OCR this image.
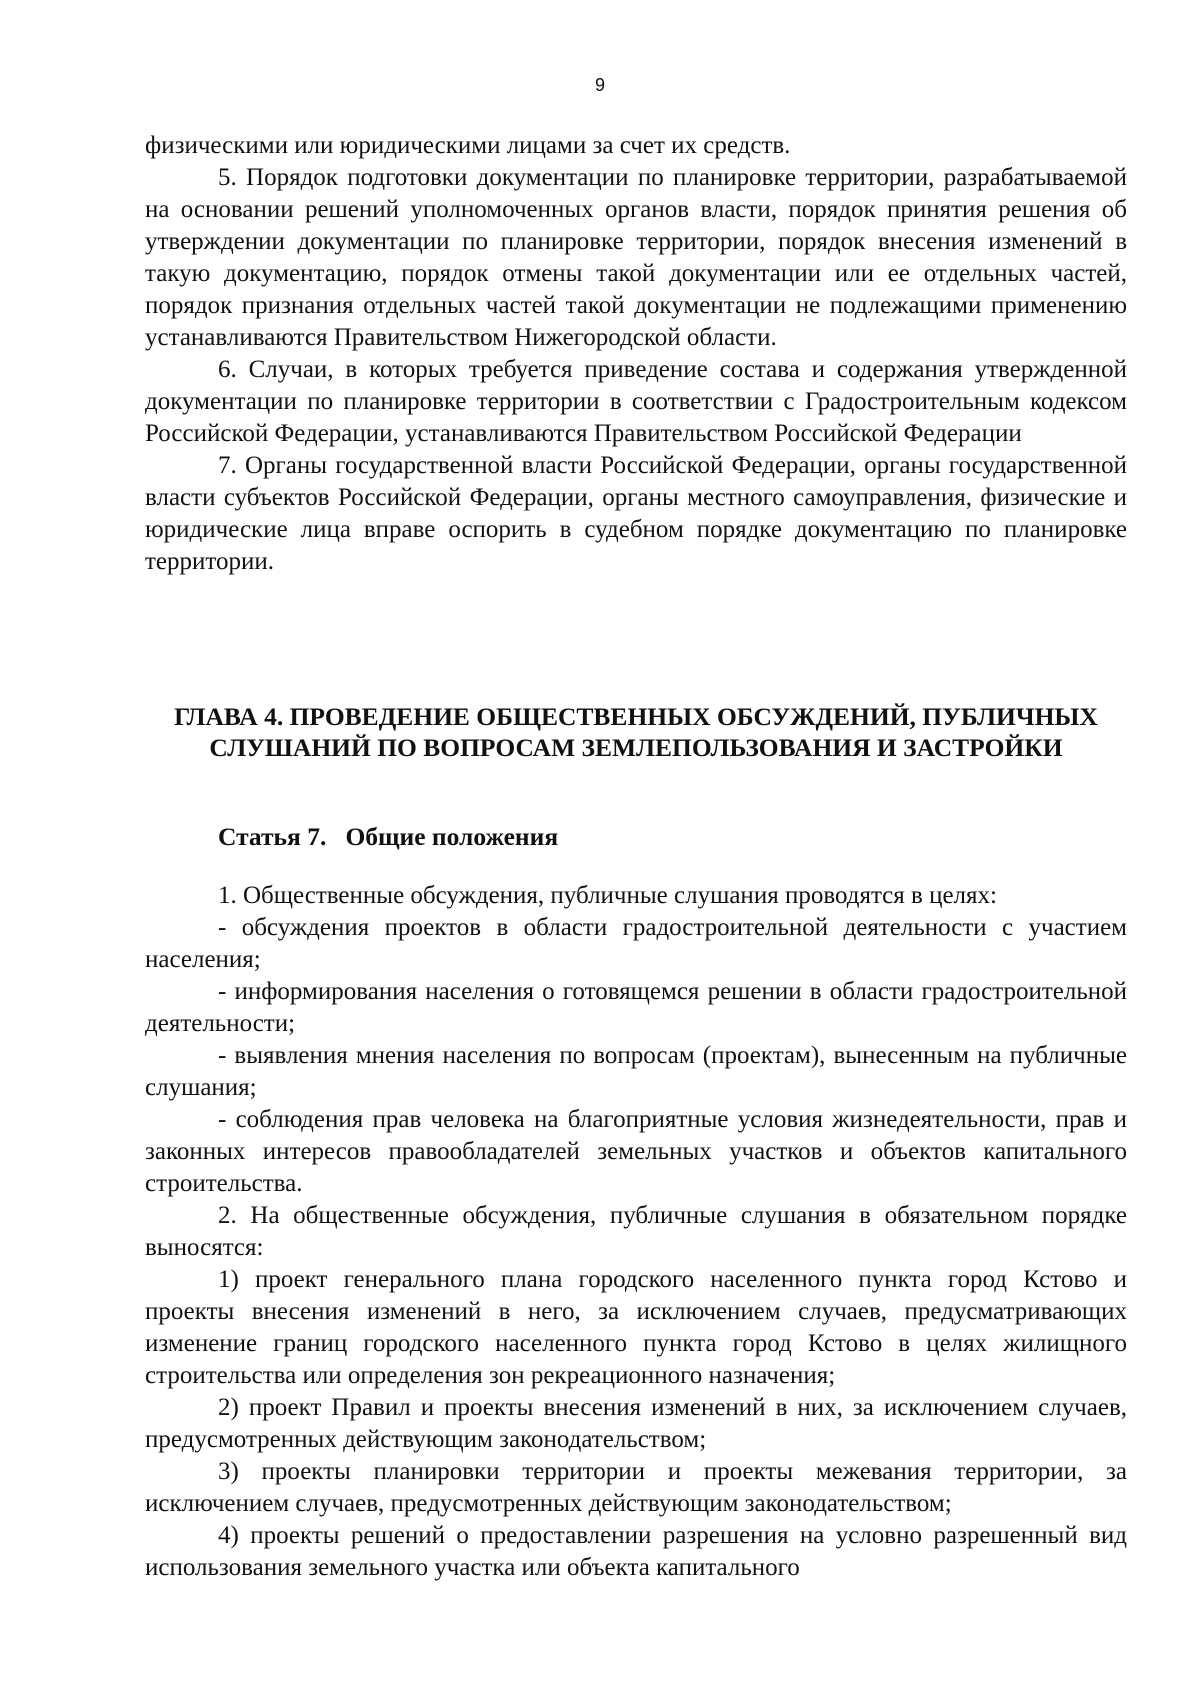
9

физическими или юридическими лицами за счет их средств.

5. Порядок подготовки документации по планировке территории, разрабатываемой на основании решений уполномоченных органов власти, порядок принятия решения об утверждении документации по планировке территории, порядок внесения изменений в такую документацию, порядок отмены такой документации или ее отдельных частей, порядок признания отдельных частей такой документации не подлежащими применению устанавливаются Правительством Нижегородской области.

6. Случаи, в которых требуется приведение состава и содержания утвержденной документации по планировке территории в соответствии с Градостроительным кодексом Российской Федерации, устанавливаются Правительством Российской Федерации

7. Органы государственной власти Российской Федерации, органы государственной власти субъектов Российской Федерации, органы местного самоуправления, физические и юридические лица вправе оспорить в судебном порядке документацию по планировке территории.

ГЛАВА 4. ПРОВЕДЕНИЕ ОБЩЕСТВЕННЫХ ОБСУЖДЕНИЙ, ПУБЛИЧНЫХ СЛУШАНИЙ ПО ВОПРОСАМ ЗЕМЛЕПОЛЬЗОВАНИЯ И ЗАСТРОЙКИ
Статья 7.   Общие положения

1. Общественные обсуждения, публичные слушания проводятся в целях:

- обсуждения проектов в области градостроительной деятельности с участием населения;

- информирования населения о готовящемся решении в области градостроительной деятельности;

- выявления мнения населения по вопросам (проектам), вынесенным на публичные слушания;

- соблюдения прав человека на благоприятные условия жизнедеятельности, прав и законных интересов правообладателей земельных участков и объектов капитального строительства.

2. На общественные обсуждения, публичные слушания в обязательном порядке выносятся:

1) проект генерального плана городского населенного пункта город Кстово и проекты внесения изменений в него, за исключением случаев, предусматривающих изменение границ городского населенного пункта город Кстово в целях жилищного строительства или определения зон рекреационного назначения;

2) проект Правил и проекты внесения изменений в них, за исключением случаев, предусмотренных действующим законодательством;

3) проекты планировки территории и проекты межевания территории, за исключением случаев, предусмотренных действующим законодательством;

4) проекты решений о предоставлении разрешения на условно разрешенный вид использования земельного участка или объекта капитального
